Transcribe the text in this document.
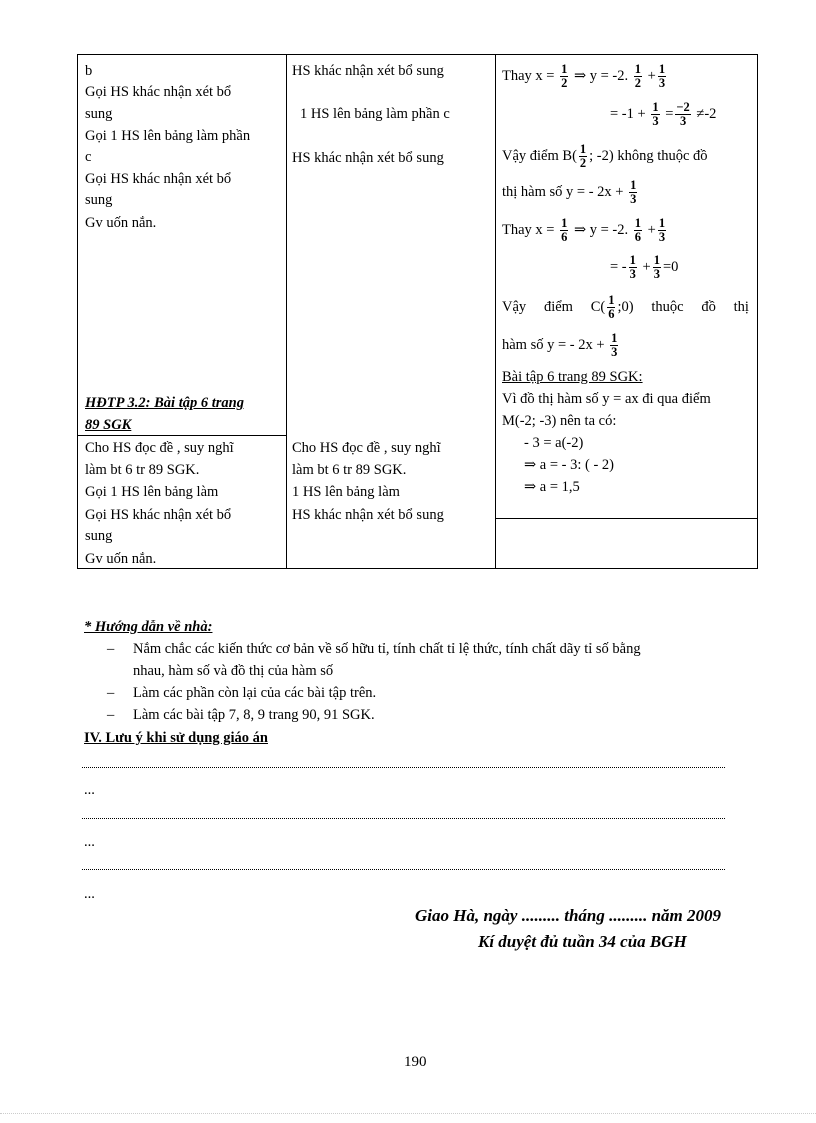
b
Gọi HS khác nhận xét bổ
sung
Gọi 1 HS lên bảng làm phần
c
Gọi HS khác nhận xét bổ
sung
Gv uốn nắn.
HĐTP 3.2: Bài tập 6 trang
89 SGK
Cho HS đọc đề , suy nghĩ
làm bt 6 tr 89 SGK.
Gọi 1 HS lên bảng làm
Gọi HS khác nhận xét bổ
sung
Gv uốn nắn.
HS khác nhận xét bổ sung
1 HS lên bảng làm phần c
HS khác nhận xét bổ sung
Cho HS đọc đề , suy nghĩ
làm bt 6 tr 89 SGK.
1 HS lên bảng làm
HS khác nhận xét bổ sung
Thay $x = \frac{1}{2}$ ⇒ y = -2. $\frac{1}{2} + \frac{1}{3}$
= $-1 + \frac{1}{3} = \frac{-2}{3} \ne-2$
Vậy điểm $B( \frac{1}{2}$ ; -2) không thuộc đồ
thị hàm số y = - $2x + \frac{1}{3}$
Thay $x = \frac{1}{6}$ ⇒ y = -2. $\frac{1}{6} + \frac{1}{3}$
= - $\frac{1}{3} + \frac{1}{3} =0$
Vậy điểm $C( \frac{1}{6}$ ;0) thuộc đồ thị
hàm số y = - $2x + \frac{1}{3}$
Bài tập 6 trang 89 SGK:
Vì đồ thị hàm số y = ax đi qua điểm
M(-2; -3) nên ta có:
- 3 = a(-2)
⇒ a = - 3: ( - 2)
⇒ a = 1,5
* Hướng dẫn về nhà:
– Nắm chắc các kiến thức cơ bản về số hữu tỉ, tính chất tỉ lệ thức, tính chất dãy tỉ số bằng
nhau, hàm số và đồ thị của hàm số
– Làm các phần còn lại của các bài tập trên.
– Làm các bài tập 7, 8, 9 trang 90, 91 SGK.
IV. Lưu ý khi sử dụng giáo án
...
...
...
Giao Hà, ngày ......... tháng ......... năm 2009
Kí duyệt đủ tuần 34 của BGH
190
